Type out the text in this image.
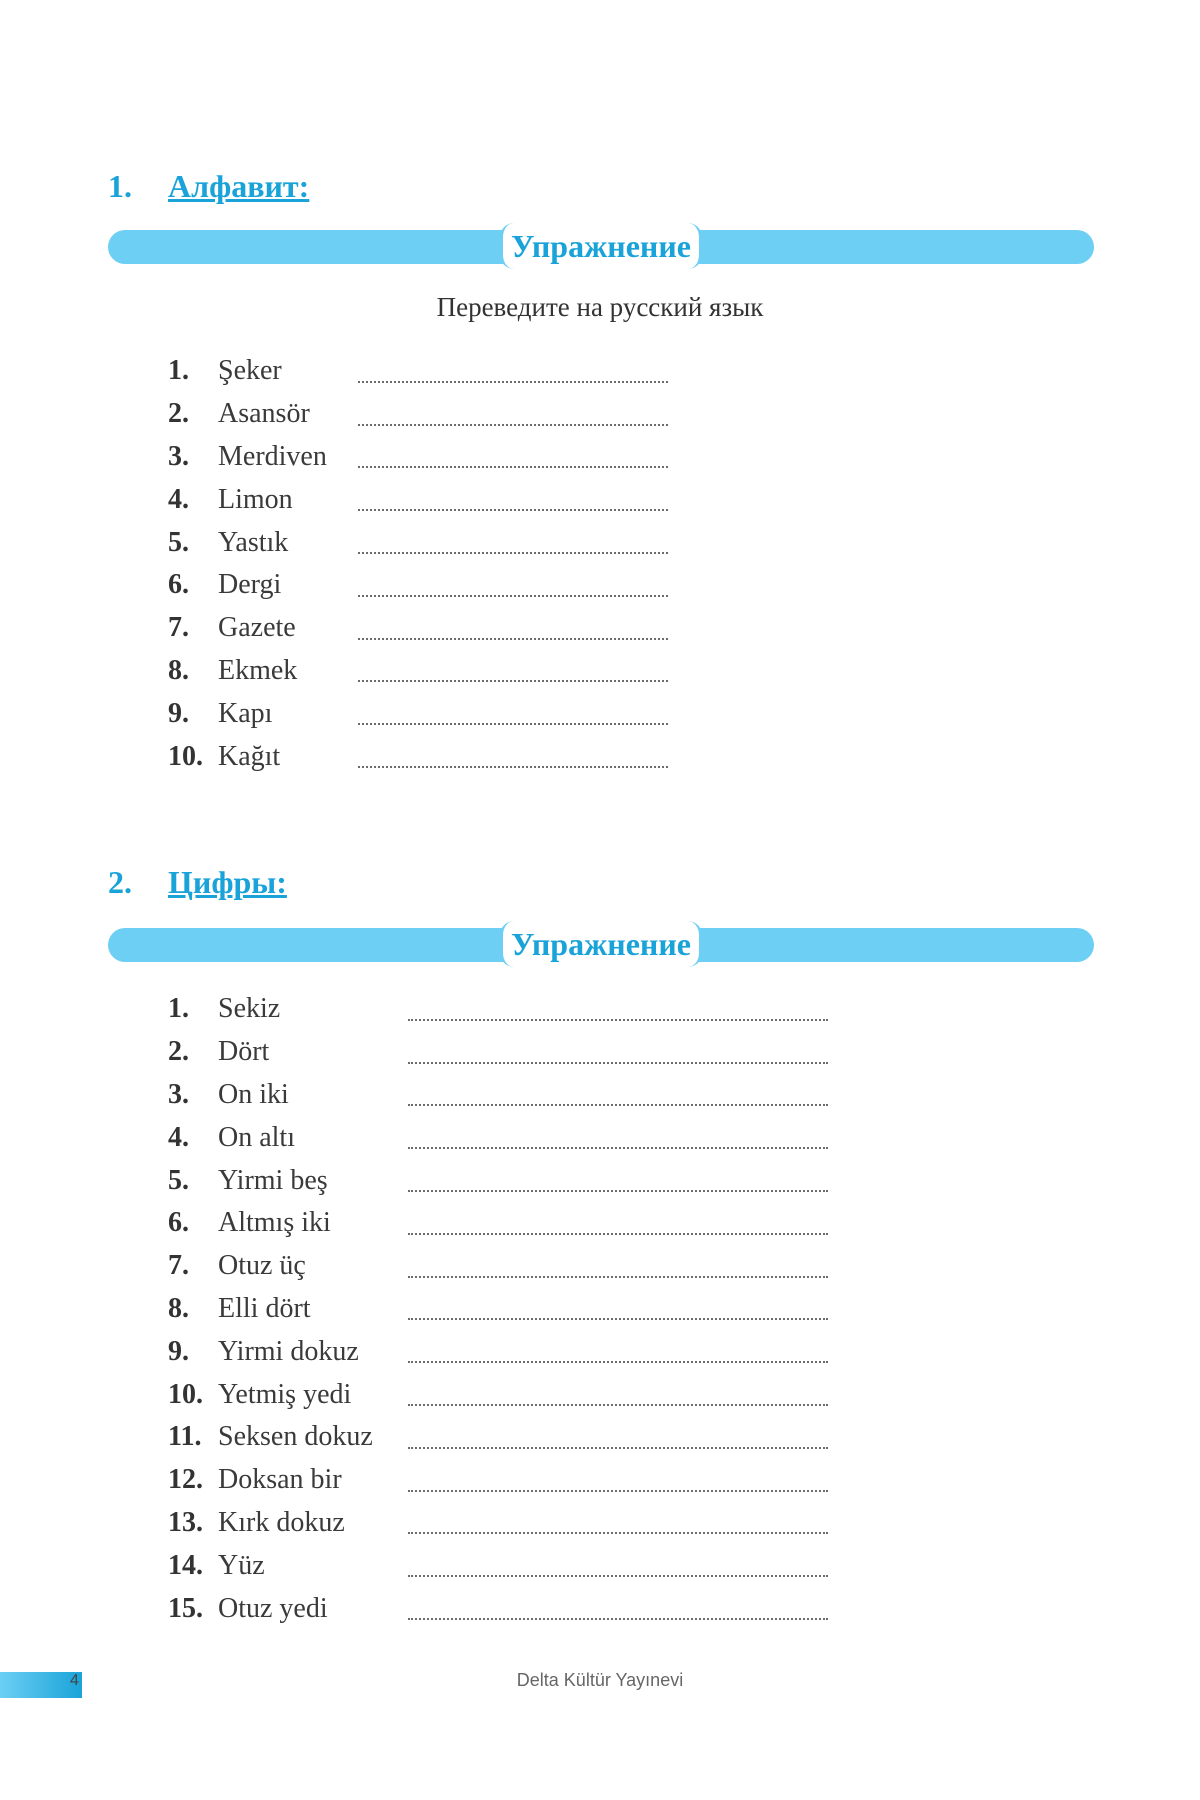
1. Алфавит:
Упражнение
Переведите на русский язык
1.	Şeker
2.	Asansör
3.	Merdiven
4.	Limon
5.	Yastık
6.	Dergi
7.	Gazete
8.	Ekmek
9.	Kapı
10. Kağıt
2. Цифры:
Упражнение
1.	Sekiz
2.	Dört
3.	On iki
4.	On altı
5.	Yirmi beş
6.	Altmış iki
7.	Otuz üç
8.	Elli dört
9.	Yirmi dokuz
10. Yetmiş yedi
11. Seksen dokuz
12. Doksan bir
13. Kırk dokuz
14. Yüz
15. Otuz yedi
4	Delta Kültür Yayınevi
